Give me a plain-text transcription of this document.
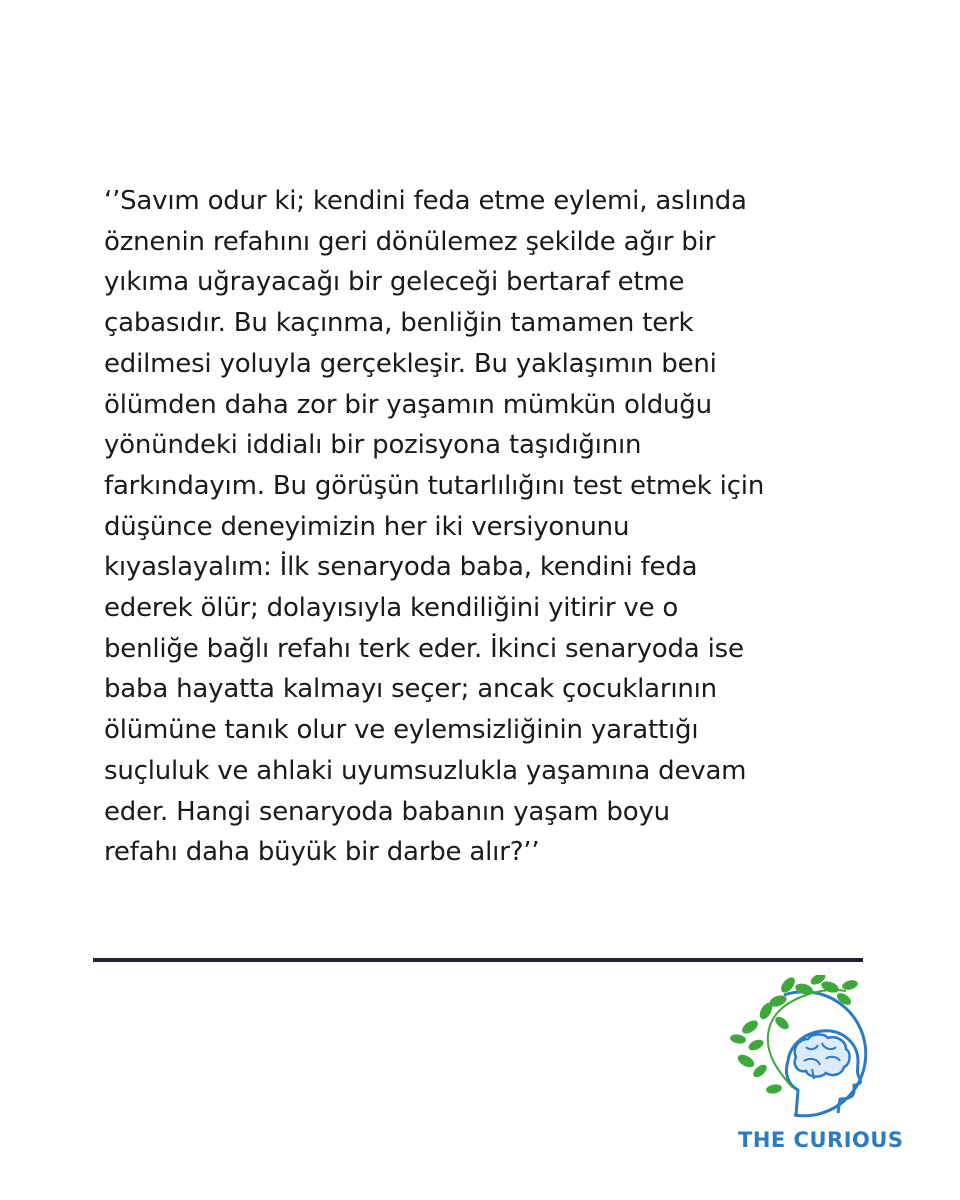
‘’Savım odur ki; kendini feda etme eylemi, aslında
öznenin refahını geri dönülemez şekilde ağır bir
yıkıma uğrayacağı bir geleceği bertaraf etme
çabasıdır. Bu kaçınma, benliğin tamamen terk
edilmesi yoluyla gerçekleşir. Bu yaklaşımın beni
ölümden daha zor bir yaşamın mümkün olduğu
yönündeki iddialı bir pozisyona taşıdığının
farkındayım. Bu görüşün tutarlılığını test etmek için
düşünce deneyimizin her iki versiyonunu
kıyaslayalım: İlk senaryoda baba, kendini feda
ederek ölür; dolayısıyla kendiliğini yitirir ve o
benliğe bağlı refahı terk eder. İkinci senaryoda ise
baba hayatta kalmayı seçer; ancak çocuklarının
ölümüne tanık olur ve eylemsizliğinin yarattığı
suçluluk ve ahlaki uyumsuzlukla yaşamına devam
eder. Hangi senaryoda babanın yaşam boyu
refahı daha büyük bir darbe alır?’’

THE CURIOUS
